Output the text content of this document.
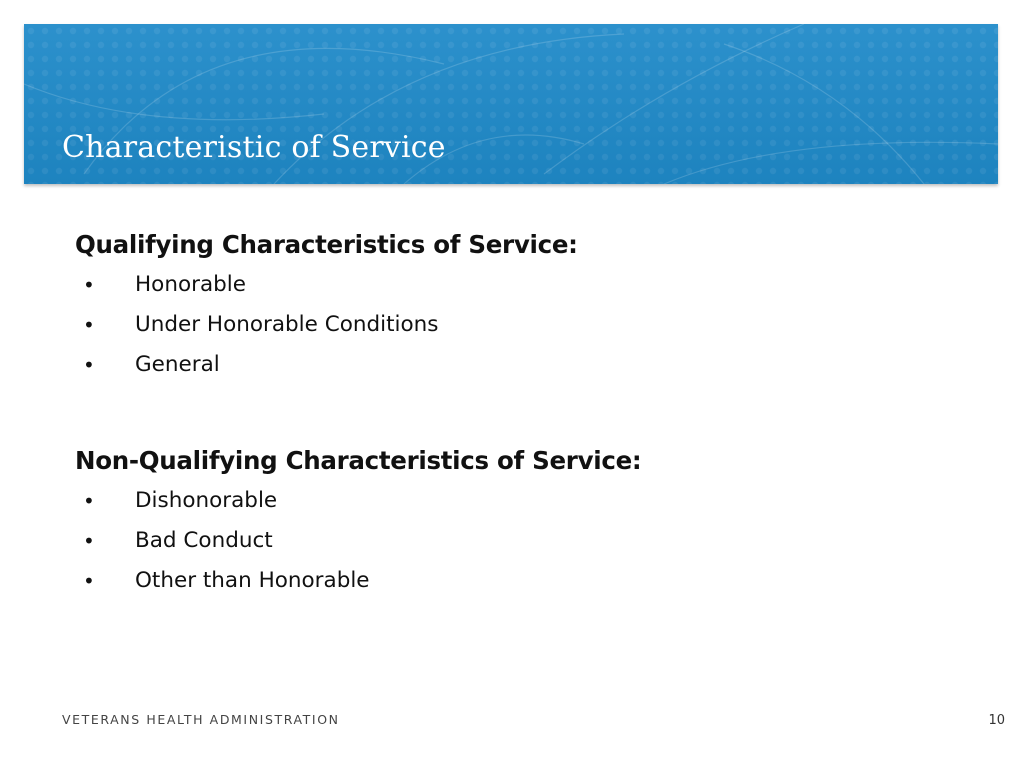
Characteristic of Service
Qualifying Characteristics of Service:
• Honorable
• Under Honorable Conditions
• General
Non-Qualifying Characteristics of Service:
• Dishonorable
• Bad Conduct
• Other than Honorable
VETERANS HEALTH ADMINISTRATION	10
